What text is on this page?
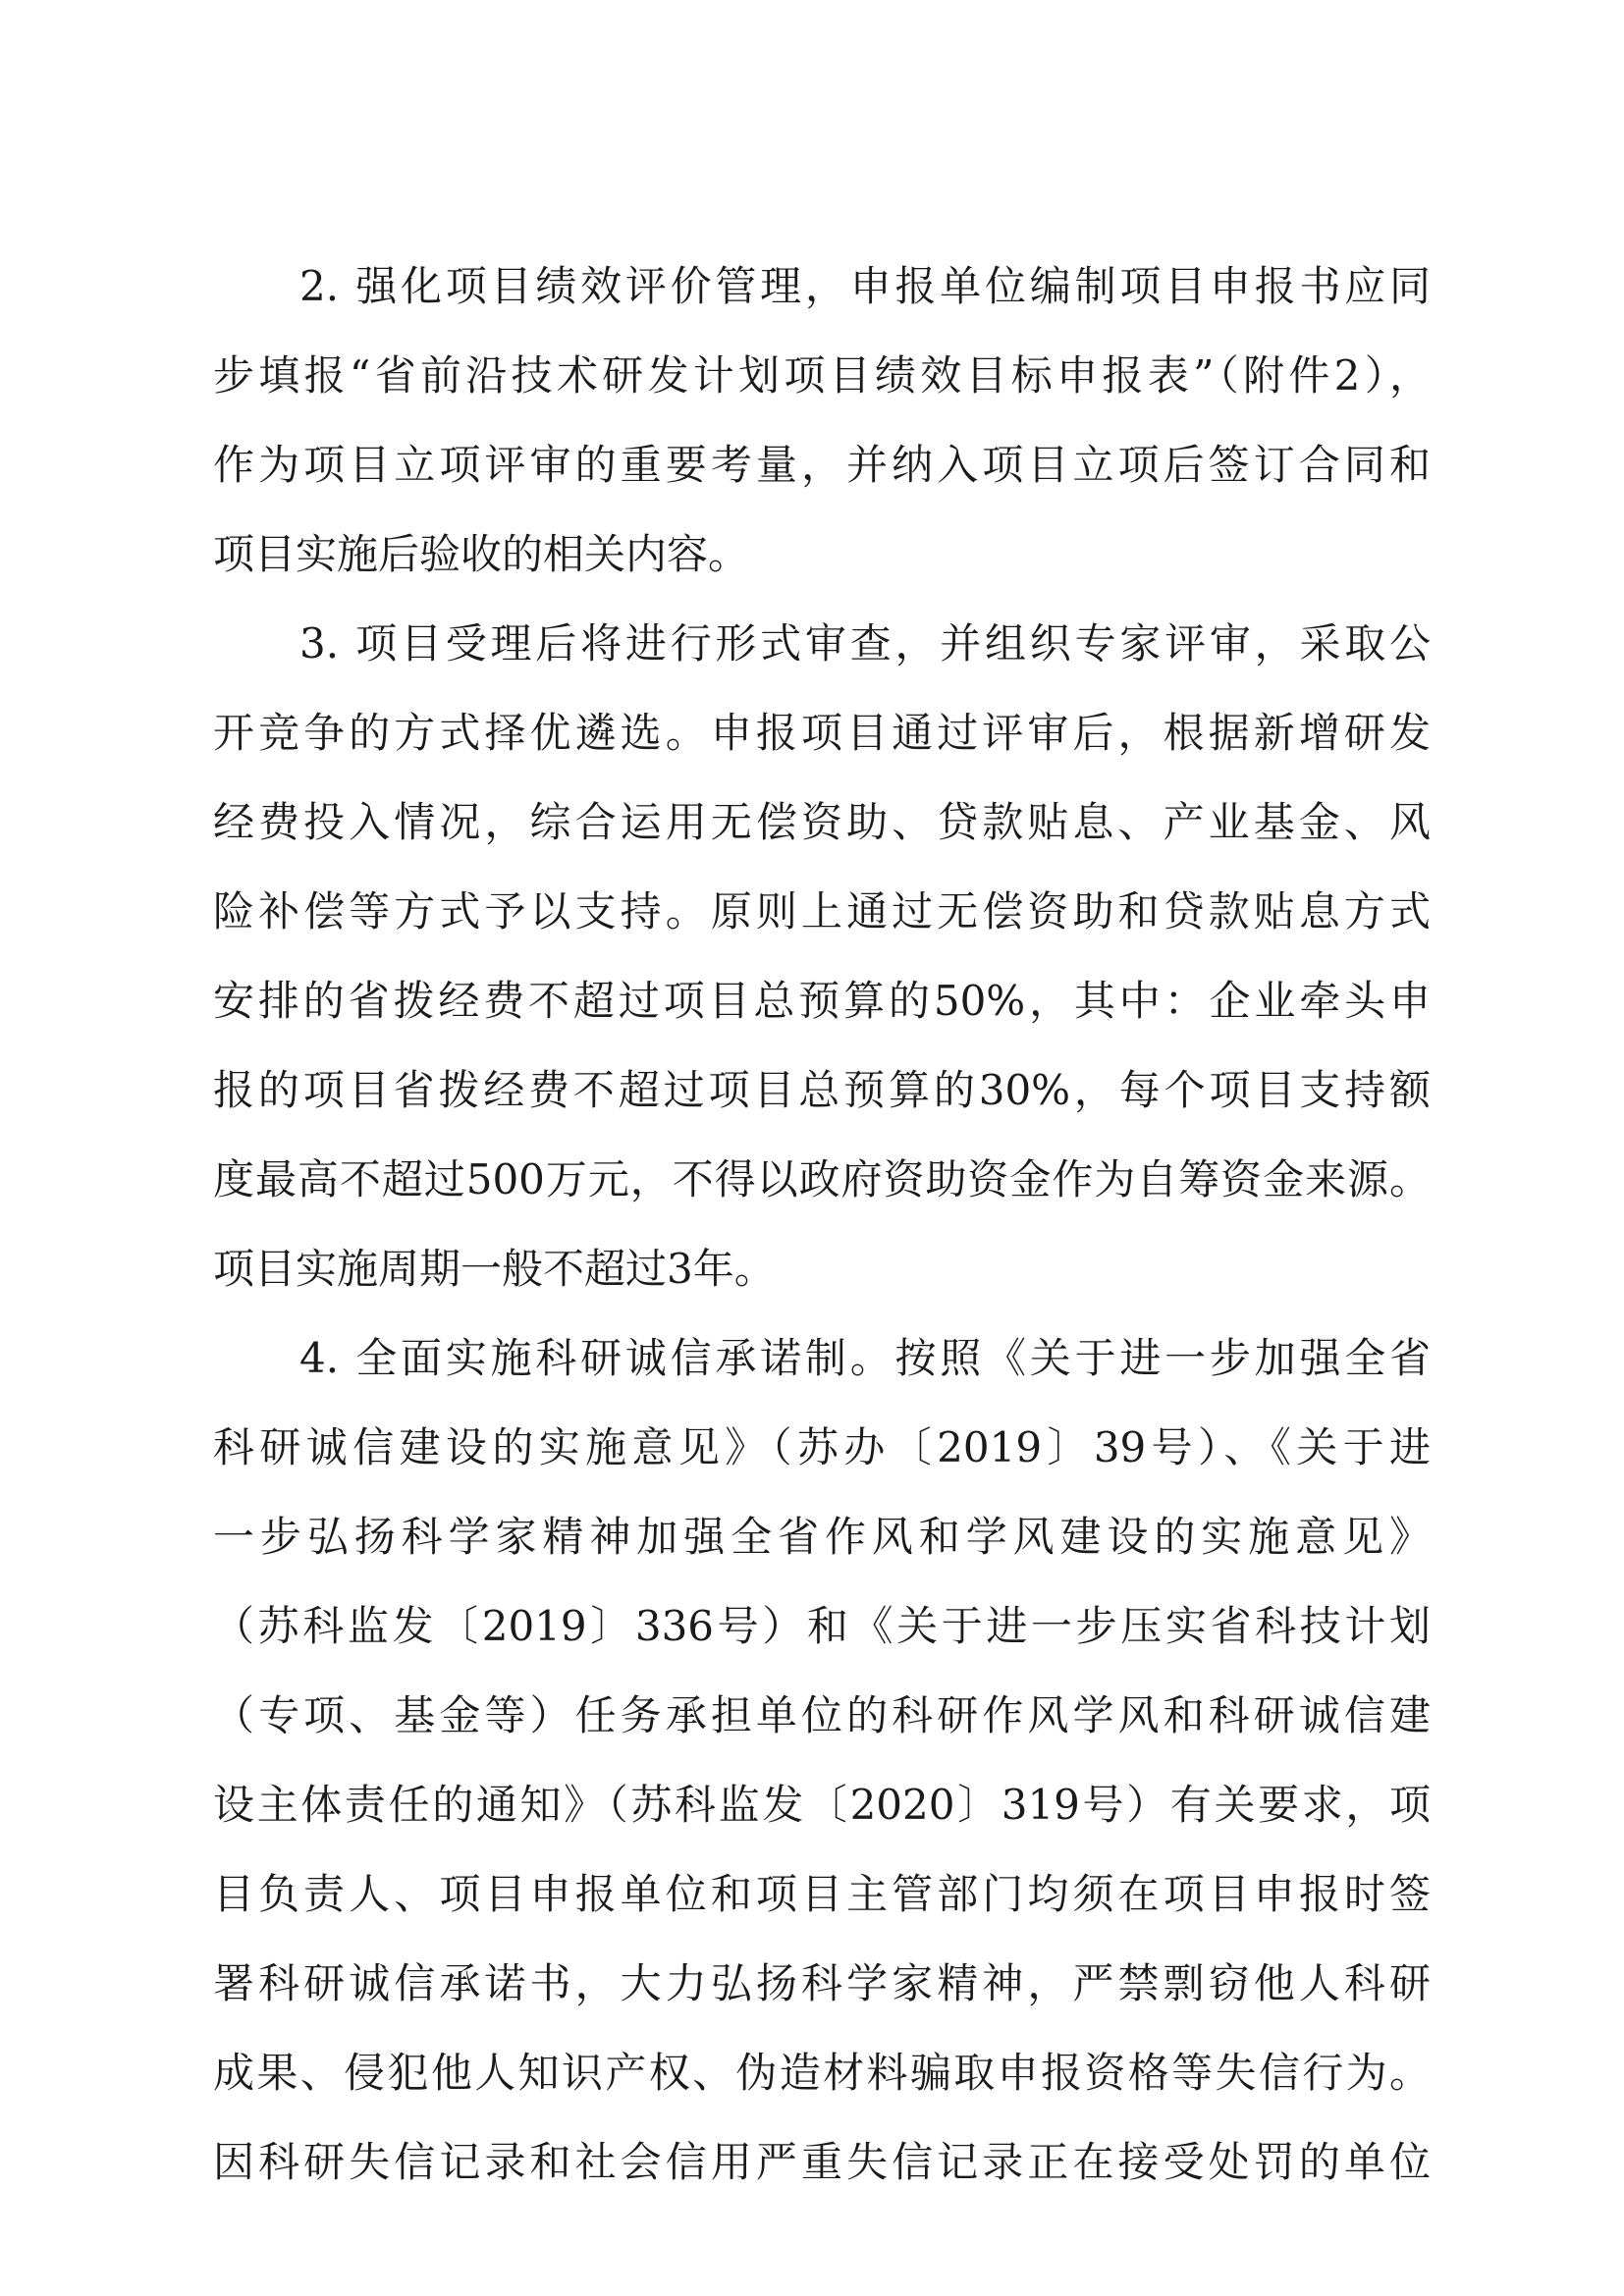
2. 强化项目绩效评价管理，申报单位编制项目申报书应同
步填报“省前沿技术研发计划项目绩效目标申报表”（附件2），
作为项目立项评审的重要考量，并纳入项目立项后签订合同和
项目实施后验收的相关内容。
3. 项目受理后将进行形式审查，并组织专家评审，采取公
开竞争的方式择优遴选。申报项目通过评审后，根据新增研发
经费投入情况，综合运用无偿资助、贷款贴息、产业基金、风
险补偿等方式予以支持。原则上通过无偿资助和贷款贴息方式
安排的省拨经费不超过项目总预算的50%，其中：企业牵头申
报的项目省拨经费不超过项目总预算的30%，每个项目支持额
度最高不超过500万元，不得以政府资助资金作为自筹资金来源。
项目实施周期一般不超过3年。
4. 全面实施科研诚信承诺制。按照《关于进一步加强全省
科研诚信建设的实施意见》（苏办〔2019〕39号）、《关于进
一步弘扬科学家精神加强全省作风和学风建设的实施意见》
（苏科监发〔2019〕336号）和《关于进一步压实省科技计划
（专项、基金等）任务承担单位的科研作风学风和科研诚信建
设主体责任的通知》（苏科监发〔2020〕319号）有关要求，项
目负责人、项目申报单位和项目主管部门均须在项目申报时签
署科研诚信承诺书，大力弘扬科学家精神，严禁剽窃他人科研
成果、侵犯他人知识产权、伪造材料骗取申报资格等失信行为。
因科研失信记录和社会信用严重失信记录正在接受处罚的单位
